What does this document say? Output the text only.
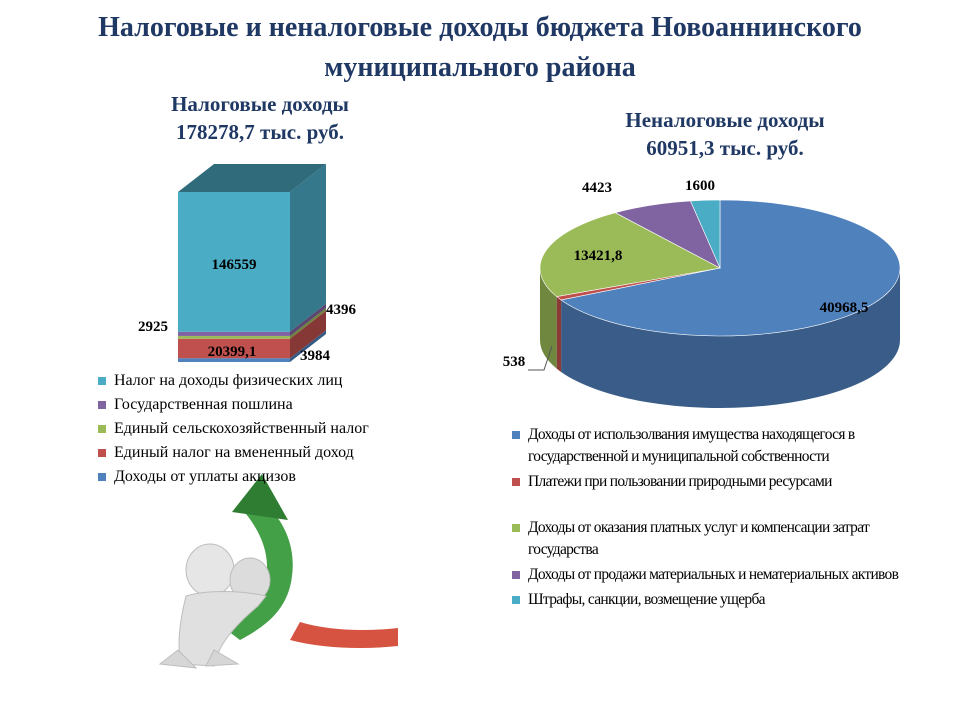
Налоговые и неналоговые доходы бюджета Новоаннинского муниципального района
Налоговые доходы
178278,7 тыс. руб.	Неналоговые доходы
60951,3 тыс. руб.
3984
20399,1
2925
4396
146559
40968,5
538
13421,8
4423	1600
Налог на доходы физических лиц
Государственная пошлина
Единый сельскохозяйственный налог
Единый налог на вмененный доход
Доходы от уплаты акцизов
Доходы от использолвания имущества находящегося в государственной и муниципальной собственности
Платежи при пользовании природными ресурсами
Доходы от оказания платных услуг и компенсации затрат государства
Доходы от продажи материальных и нематериальных активов
Штрафы, санкции, возмещение ущерба
